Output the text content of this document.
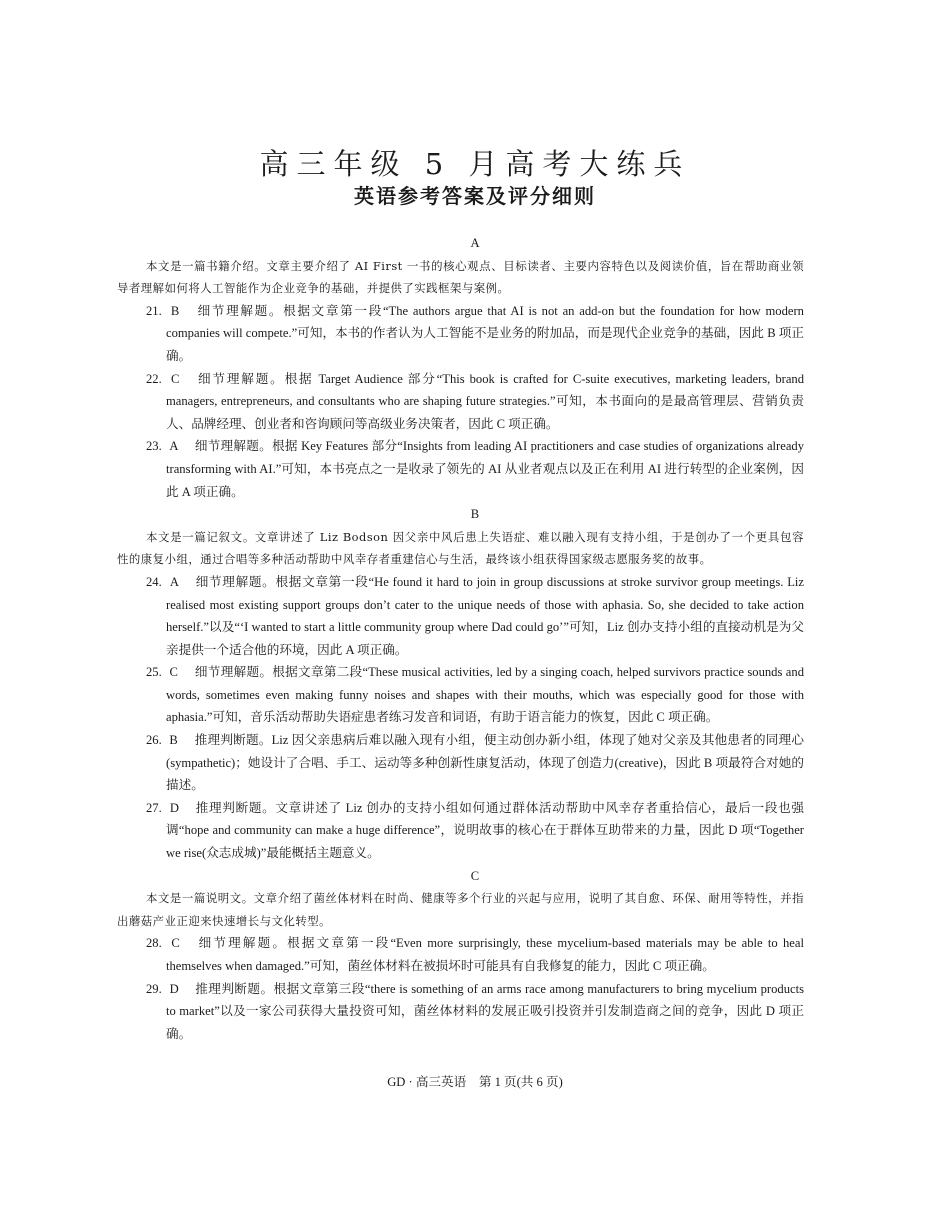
高三年级 5 月高考大练兵
英语参考答案及评分细则
A
本文是一篇书籍介绍。文章主要介绍了 AI First 一书的核心观点、目标读者、主要内容特色以及阅读价值，旨在帮助商业领导者理解如何将人工智能作为企业竞争的基础，并提供了实践框架与案例。
21. B 细节理解题。根据文章第一段“The authors argue that AI is not an add-on but the foundation for how modern companies will compete.”可知，本书的作者认为人工智能不是业务的附加品，而是现代企业竞争的基础，因此 B 项正确。
22. C 细节理解题。根据 Target Audience 部分“This book is crafted for C-suite executives, marketing leaders, brand managers, entrepreneurs, and consultants who are shaping future strategies.”可知，本书面向的是最高管理层、营销负责人、品牌经理、创业者和咨询顾问等高级业务决策者，因此 C 项正确。
23. A 细节理解题。根据 Key Features 部分“Insights from leading AI practitioners and case studies of organizations already transforming with AI.”可知，本书亮点之一是收录了领先的 AI 从业者观点以及正在利用 AI 进行转型的企业案例，因此 A 项正确。
B
本文是一篇记叙文。文章讲述了 Liz Bodson 因父亲中风后患上失语症、难以融入现有支持小组，于是创办了一个更具包容性的康复小组，通过合唱等多种活动帮助中风幸存者重建信心与生活，最终该小组获得国家级志愿服务奖的故事。
24. A 细节理解题。根据文章第一段“He found it hard to join in group discussions at stroke survivor group meetings. Liz realised most existing support groups don’t cater to the unique needs of those with aphasia. So, she decided to take action herself.”以及“‘I wanted to start a little community group where Dad could go’”可知，Liz 创办支持小组的直接动机是为父亲提供一个适合他的环境，因此 A 项正确。
25. C 细节理解题。根据文章第二段“These musical activities, led by a singing coach, helped survivors practice sounds and words, sometimes even making funny noises and shapes with their mouths, which was especially good for those with aphasia.”可知，音乐活动帮助失语症患者练习发音和词语，有助于语言能力的恢复，因此 C 项正确。
26. B 推理判断题。Liz 因父亲患病后难以融入现有小组，便主动创办新小组，体现了她对父亲及其他患者的同理心(sympathetic)；她设计了合唱、手工、运动等多种创新性康复活动，体现了创造力(creative)，因此 B 项最符合对她的描述。
27. D 推理判断题。文章讲述了 Liz 创办的支持小组如何通过群体活动帮助中风幸存者重拾信心，最后一段也强调“hope and community can make a huge difference”，说明故事的核心在于群体互助带来的力量，因此 D 项“Together we rise(众志成城)”最能概括主题意义。
C
本文是一篇说明文。文章介绍了菌丝体材料在时尚、健康等多个行业的兴起与应用，说明了其自愈、环保、耐用等特性，并指出蘑菇产业正迎来快速增长与文化转型。
28. C 细节理解题。根据文章第一段“Even more surprisingly, these mycelium-based materials may be able to heal themselves when damaged.”可知，菌丝体材料在被损坏时可能具有自我修复的能力，因此 C 项正确。
29. D 推理判断题。根据文章第三段“there is something of an arms race among manufacturers to bring mycelium products to market”以及一家公司获得大量投资可知，菌丝体材料的发展正吸引投资并引发制造商之间的竞争，因此 D 项正确。
GD · 高三英语　第 1 页(共 6 页)
